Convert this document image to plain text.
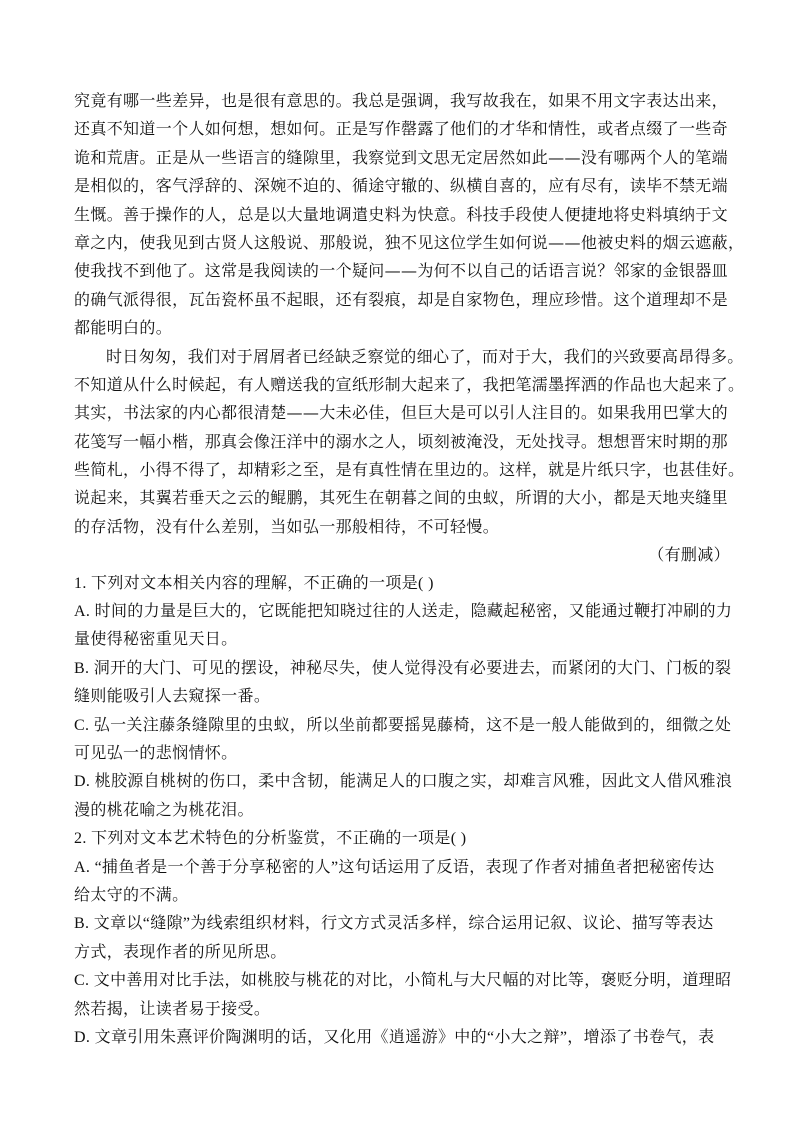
究竟有哪一些差异，也是很有意思的。我总是强调，我写故我在，如果不用文字表达出来，
还真不知道一个人如何想，想如何。正是写作罄露了他们的才华和情性，或者点缀了一些奇
诡和荒唐。正是从一些语言的缝隙里，我察觉到文思无定居然如此——没有哪两个人的笔端
是相似的，客气浮辞的、深婉不迫的、循途守辙的、纵横自喜的，应有尽有，读毕不禁无端
生慨。善于操作的人，总是以大量地调遣史料为快意。科技手段使人便捷地将史料填纳于文
章之内，使我见到古贤人这般说、那般说，独不见这位学生如何说——他被史料的烟云遮蔽，
使我找不到他了。这常是我阅读的一个疑问——为何不以自己的话语言说？邻家的金银器皿
的确气派得很，瓦缶瓷杯虽不起眼，还有裂痕，却是自家物色，理应珍惜。这个道理却不是
都能明白的。
时日匆匆，我们对于屑屑者已经缺乏察觉的细心了，而对于大，我们的兴致要高昂得多。
不知道从什么时候起，有人赠送我的宣纸形制大起来了，我把笔濡墨挥洒的作品也大起来了。
其实，书法家的内心都很清楚——大未必佳，但巨大是可以引人注目的。如果我用巴掌大的
花笺写一幅小楷，那真会像汪洋中的溺水之人，顷刻被淹没，无处找寻。想想晋宋时期的那
些简札，小得不得了，却精彩之至，是有真性情在里边的。这样，就是片纸只字，也甚佳好。
说起来，其翼若垂天之云的鲲鹏，其死生在朝暮之间的虫蚁，所谓的大小，都是天地夹缝里
的存活物，没有什么差别，当如弘一那般相待，不可轻慢。
（有删减）
1. 下列对文本相关内容的理解，不正确的一项是( )
A. 时间的力量是巨大的，它既能把知晓过往的人送走，隐藏起秘密，又能通过鞭打冲刷的力
量使得秘密重见天日。
B. 洞开的大门、可见的摆设，神秘尽失，使人觉得没有必要进去，而紧闭的大门、门板的裂
缝则能吸引人去窥探一番。
C. 弘一关注藤条缝隙里的虫蚁，所以坐前都要摇晃藤椅，这不是一般人能做到的，细微之处
可见弘一的悲悯情怀。
D. 桃胶源自桃树的伤口，柔中含韧，能满足人的口腹之实，却难言风雅，因此文人借风雅浪
漫的桃花喻之为桃花泪。
2. 下列对文本艺术特色的分析鉴赏，不正确的一项是( )
A. “捕鱼者是一个善于分享秘密的人”这句话运用了反语，表现了作者对捕鱼者把秘密传达
给太守的不满。
B. 文章以“缝隙”为线索组织材料，行文方式灵活多样，综合运用记叙、议论、描写等表达
方式，表现作者的所见所思。
C. 文中善用对比手法，如桃胶与桃花的对比，小简札与大尺幅的对比等，褒贬分明，道理昭
然若揭，让读者易于接受。
D. 文章引用朱熹评价陶渊明的话，又化用《逍遥游》中的“小大之辩”，增添了书卷气，表
